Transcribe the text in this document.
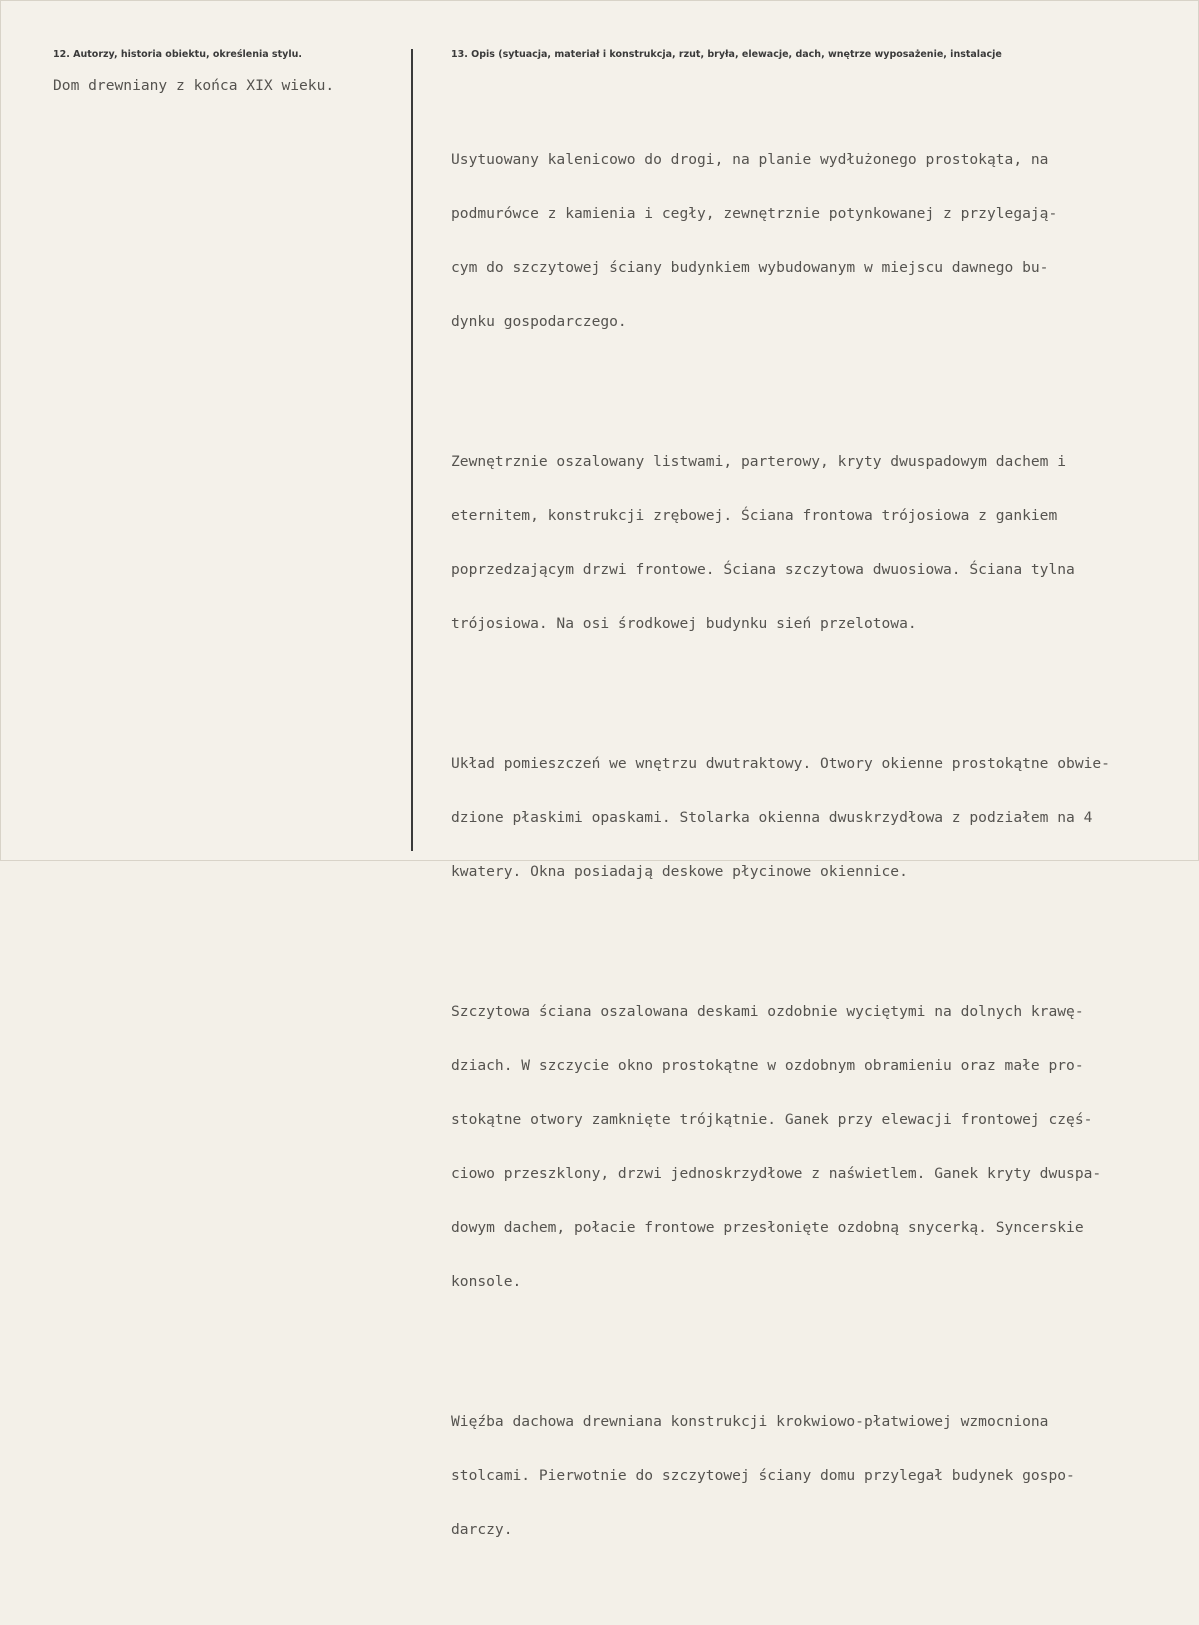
12. Autorzy, historia obiektu, określenia stylu.	13. Opis (sytuacja, materiał i konstrukcja, rzut, bryła, elewacje, dach, wnętrze wyposażenie, instalacje
Dom drewniany z końca XIX wieku.

Usytuowany kalenicowo do drogi, na planie wydłużonego prostokąta, na

podmurówce z kamienia i cegły, zewnętrznie potynkowanej z przylegają-

cym do szczytowej ściany budynkiem wybudowanym w miejscu dawnego bu-

dynku gospodarczego.

Zewnętrznie oszalowany listwami, parterowy, kryty dwuspadowym dachem i

eternitem, konstrukcji zrębowej. Ściana frontowa trójosiowa z gankiem

poprzedzającym drzwi frontowe. Ściana szczytowa dwuosiowa. Ściana tylna

trójosiowa. Na osi środkowej budynku sień przelotowa.

Układ pomieszczeń we wnętrzu dwutraktowy. Otwory okienne prostokątne obwie-

dzione płaskimi opaskami. Stolarka okienna dwuskrzydłowa z podziałem na 4

kwatery. Okna posiadają deskowe płycinowe okiennice.

Szczytowa ściana oszalowana deskami ozdobnie wyciętymi na dolnych krawę-

dziach. W szczycie okno prostokątne w ozdobnym obramieniu oraz małe pro-

stokątne otwory zamknięte trójkątnie. Ganek przy elewacji frontowej częś-

ciowo przeszklony, drzwi jednoskrzydłowe z naświetlem. Ganek kryty dwuspa-

dowym dachem, połacie frontowe przesłonięte ozdobną snycerką. Syncerskie

konsole.

Więźba dachowa drewniana konstrukcji krokwiowo-płatwiowej wzmocniona

stolcami. Pierwotnie do szczytowej ściany domu przylegał budynek gospo-

darczy.
